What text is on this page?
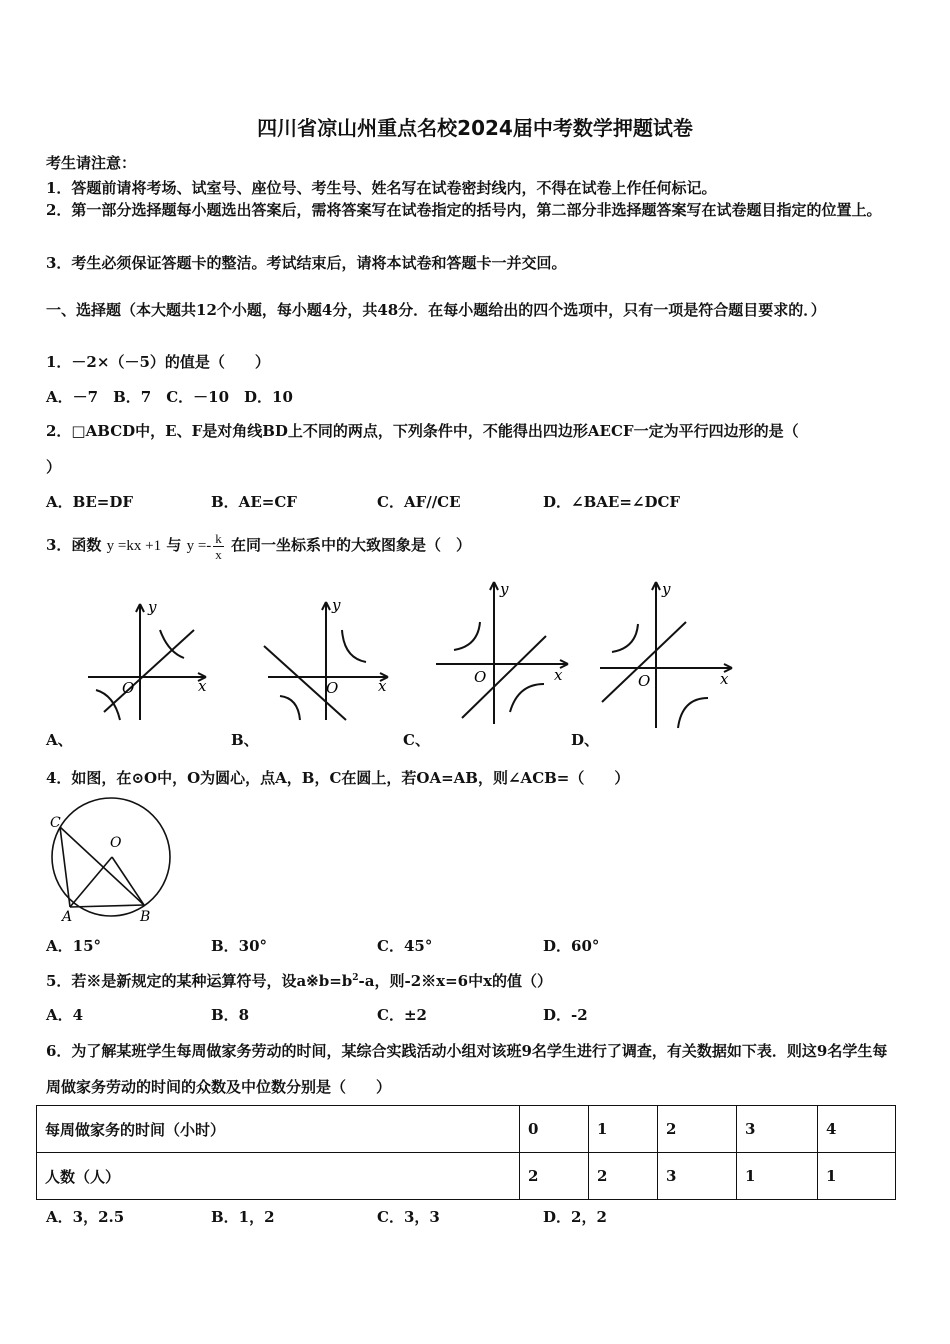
四川省凉山州重点名校2024届中考数学押题试卷
考生请注意：
1．答题前请将考场、试室号、座位号、考生号、姓名写在试卷密封线内，不得在试卷上作任何标记。
2．第一部分选择题每小题选出答案后，需将答案写在试卷指定的括号内，第二部分非选择题答案写在试卷题目指定的位置上。
3．考生必须保证答题卡的整洁。考试结束后，请将本试卷和答题卡一并交回。
一、选择题（本大题共12个小题，每小题4分，共48分．在每小题给出的四个选项中，只有一项是符合题目要求的．）
1．－2×（－5）的值是（　　）
A．－7　B．7　C．－10　D．10
2．□ABCD中，E、F是对角线BD上不同的两点，下列条件中，不能得出四边形AECF一定为平行四边形的是（
）
A．BE=DF	B．AE=CF	C．AF//CE	D．∠BAE=∠DCF
3．函数 y =kx +1 与 $y =- \frac{k}{x}$ 在同一坐标系中的大致图象是（　）
y
x
O
y
x
O
y
x
O
y
x
O
A、	B、	C、	D、
4．如图，在⊙O中，O为圆心，点A，B，C在圆上，若OA=AB，则∠ACB=（　　）
C
O
A	B
A．15°	B．30°	C．45°	D．60°
5．若※是新规定的某种运算符号，设$a※b=b^2-a$，则-2※x=6中x的值（）
A．4	B．8	C．±2	D．-2
6．为了解某班学生每周做家务劳动的时间，某综合实践活动小组对该班9名学生进行了调查，有关数据如下表．则这9名学生每周做家务劳动的时间的众数及中位数分别是（　　）
每周做家务的时间（小时）	0	1	2	3	4
人数（人）	2	2	3	1	1
A．3，2.5	B．1，2	C．3，3	D．2，2
